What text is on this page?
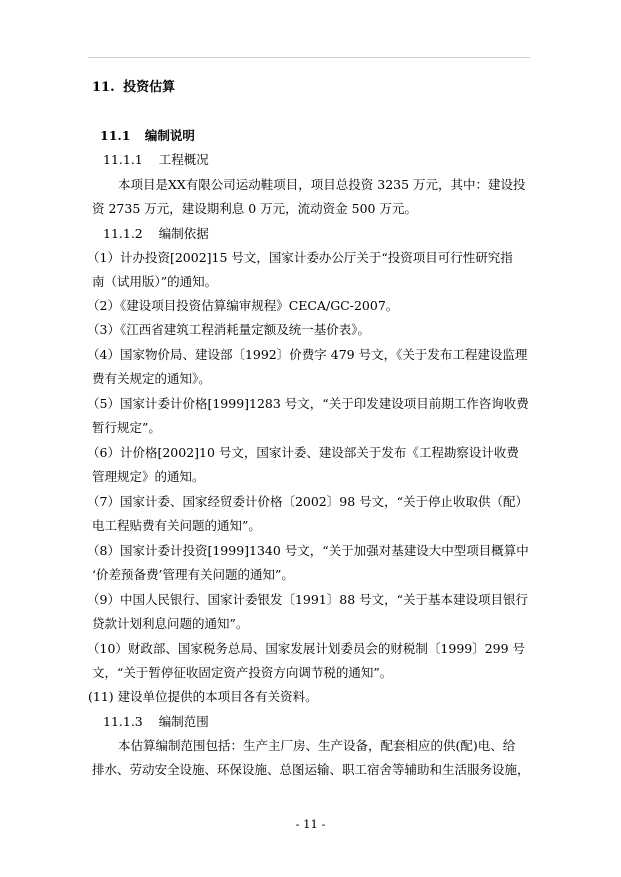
11. 投资估算
11.1 编制说明
11.1.1 工程概况
本项目是XX有限公司运动鞋项目，项目总投资 3235 万元，其中：建设投
资 2735 万元，建设期利息 0 万元，流动资金 500 万元。
11.1.2 编制依据
（1）计办投资[2002]15 号文，国家计委办公厅关于“投资项目可行性研究指
南（试用版）”的通知。
（2）《建设项目投资估算编审规程》CECA/GC-2007。
（3）《江西省建筑工程消耗量定额及统一基价表》。
（4）国家物价局、建设部〔1992〕价费字 479 号文，《关于发布工程建设监理
费有关规定的通知》。
（5）国家计委计价格[1999]1283 号文，“关于印发建设项目前期工作咨询收费
暂行规定”。
（6）计价格[2002]10 号文，国家计委、建设部关于发布《工程勘察设计收费
管理规定》的通知。
（7）国家计委、国家经贸委计价格〔2002〕98 号文，“关于停止收取供（配）
电工程贴费有关问题的通知”。
（8）国家计委计投资[1999]1340 号文，“关于加强对基建设大中型项目概算中
‘价差预备费’管理有关问题的通知”。
（9）中国人民银行、国家计委银发〔1991〕88 号文，“关于基本建设项目银行
贷款计划利息问题的通知”。
（10）财政部、国家税务总局、国家发展计划委员会的财税制〔1999〕299 号
文，“关于暂停征收固定资产投资方向调节税的通知”。
(11) 建设单位提供的本项目各有关资料。
11.1.3 编制范围
本估算编制范围包括：生产主厂房、生产设备，配套相应的供(配)电、给
排水、劳动安全设施、环保设施、总图运输、职工宿舍等辅助和生活服务设施，
- 11 -
